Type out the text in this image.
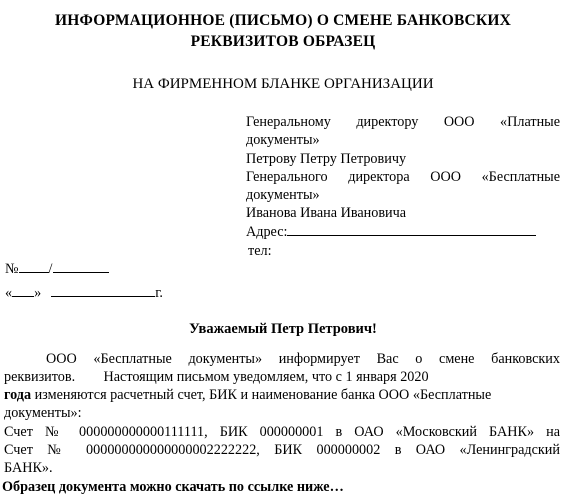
ИНФОРМАЦИОННОЕ (ПИСЬМО) О СМЕНЕ БАНКОВСКИХ
РЕКВИЗИТОВ ОБРАЗЕЦ
НА ФИРМЕННОМ БЛАНКЕ ОРГАНИЗАЦИИ
Генеральному директору ООО «Платные
документы»
Петрову Петру Петровичу
Генерального директора ООО «Бесплатные
документы»
Иванова Ивана Ивановича
Адрес:
тел:
№ /
« »	г.
Уважаемый Петр Петрович!
ООО «Бесплатные документы» информирует Вас о смене банковских
реквизитов.        Настоящим письмом уведомляем, что с 1 января 2020
года изменяются расчетный счет, БИК и наименование банка ООО «Бесплатные
документы»:
Счет № 000000000000111111, БИК 000000001 в ОАО «Московский БАНК» на
Счет № 000000000000000002222222, БИК 000000002 в ОАО «Ленинградский
БАНК».
Образец документа можно скачать по ссылке ниже…
